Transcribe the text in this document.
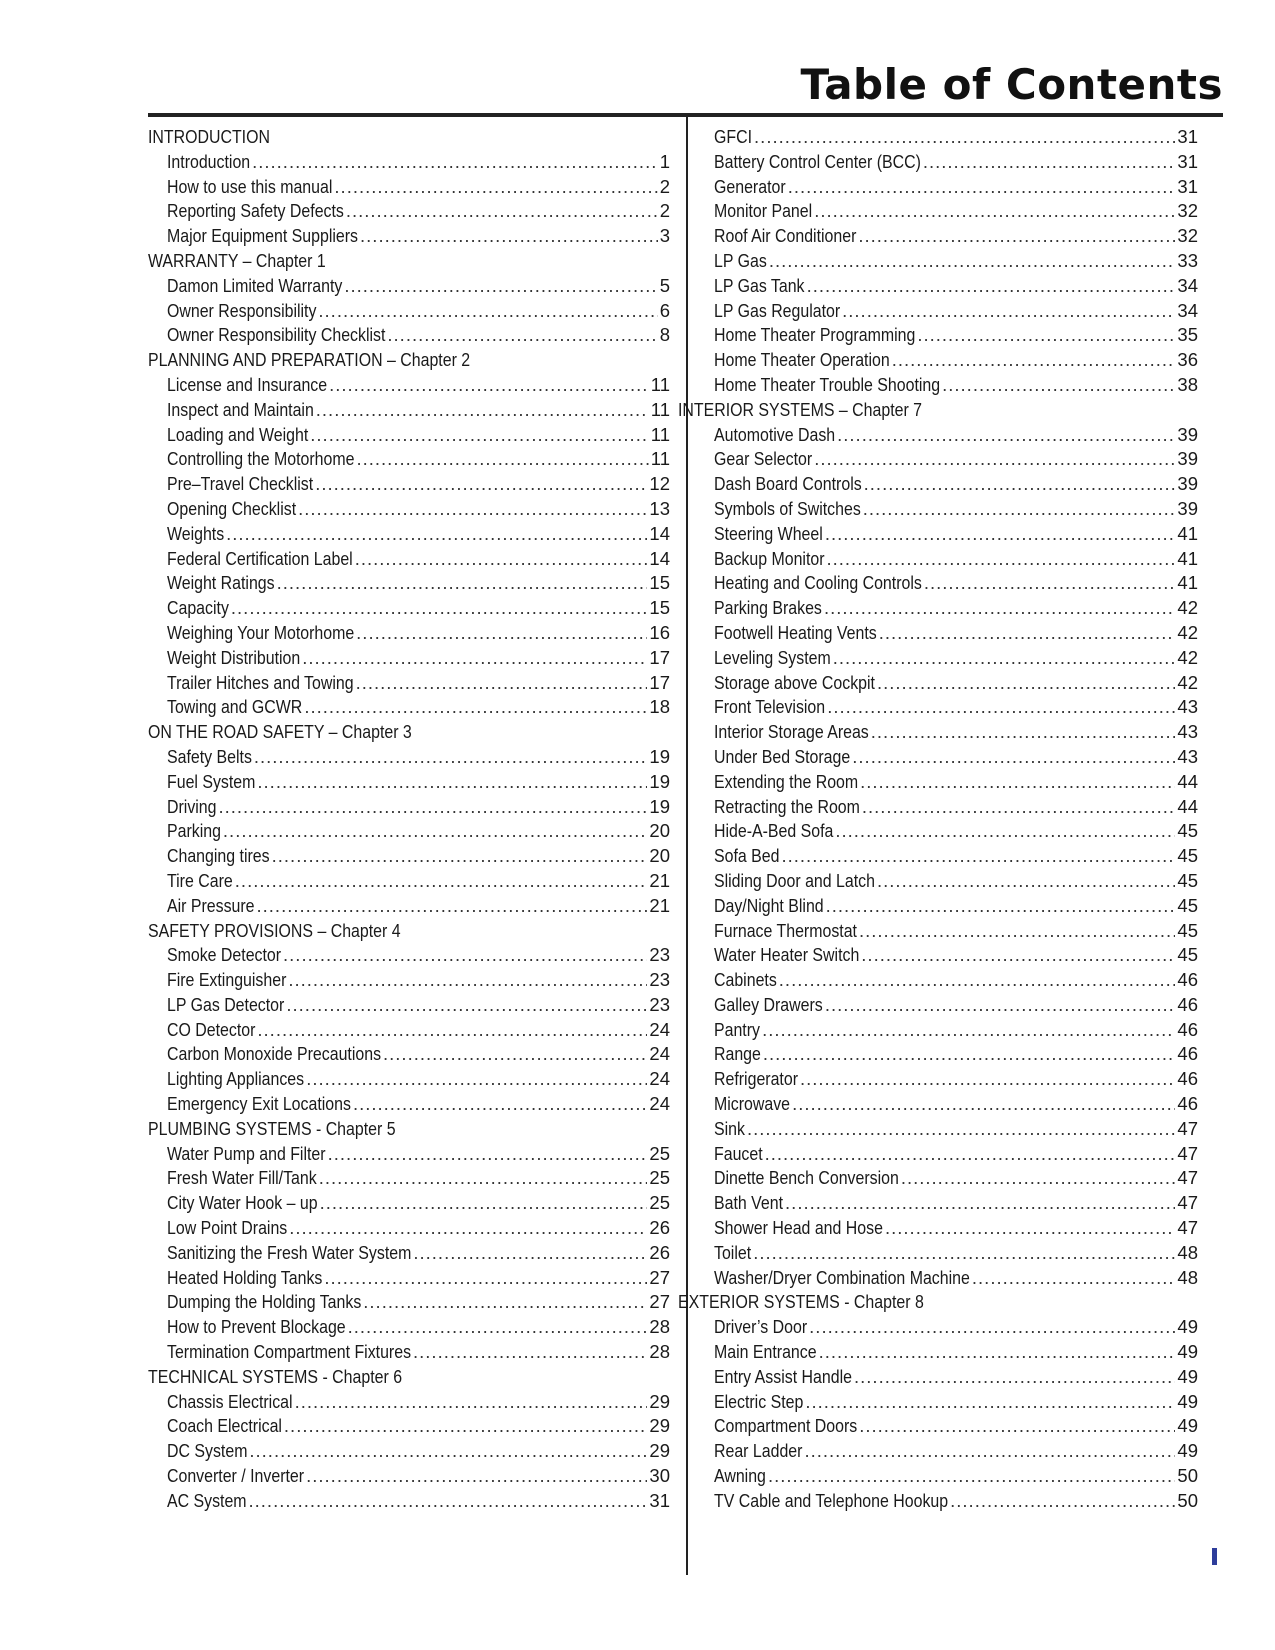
Table of Contents
INTRODUCTION
Introduction .....	1
How to use this manual .....	2
Reporting Safety Defects .....	2
Major Equipment Suppliers .....	3
WARRANTY – Chapter 1
Damon Limited Warranty .....	5
Owner Responsibility .....	6
Owner Responsibility Checklist .....	8
PLANNING AND PREPARATION – Chapter 2
License and Insurance .....	11
Inspect and Maintain .....	11
Loading and Weight .....	11
Controlling the Motorhome .....	11
Pre–Travel Checklist .....	12
Opening Checklist .....	13
Weights .....	14
Federal Certification Label .....	14
Weight Ratings .....	15
Capacity .....	15
Weighing Your Motorhome .....	16
Weight Distribution .....	17
Trailer Hitches and Towing .....	17
Towing and GCWR .....	18
ON THE ROAD SAFETY – Chapter 3
Safety Belts .....	19
Fuel System .....	19
Driving .....	19
Parking .....	20
Changing tires .....	20
Tire Care .....	21
Air Pressure .....	21
SAFETY PROVISIONS – Chapter 4
Smoke Detector .....	23
Fire Extinguisher .....	23
LP Gas Detector .....	23
CO Detector .....	24
Carbon Monoxide Precautions .....	24
Lighting Appliances .....	24
Emergency Exit Locations .....	24
PLUMBING SYSTEMS - Chapter 5
Water Pump and Filter .....	25
Fresh Water Fill/Tank .....	25
City Water Hook – up .....	25
Low Point Drains .....	26
Sanitizing the Fresh Water System .....	26
Heated Holding Tanks .....	27
Dumping the Holding Tanks .....	27
How to Prevent Blockage .....	28
Termination Compartment Fixtures .....	28
TECHNICAL SYSTEMS - Chapter 6
Chassis Electrical .....	29
Coach Electrical .....	29
DC System .....	29
Converter / Inverter .....	30
AC System .....	31
GFCI .....	31
Battery Control Center (BCC) .....	31
Generator .....	31
Monitor Panel .....	32
Roof Air Conditioner .....	32
LP Gas .....	33
LP Gas Tank .....	34
LP Gas Regulator .....	34
Home Theater Programming .....	35
Home Theater Operation .....	36
Home Theater Trouble Shooting .....	38
INTERIOR SYSTEMS – Chapter 7
Automotive Dash .....	39
Gear Selector .....	39
Dash Board Controls .....	39
Symbols of Switches .....	39
Steering Wheel .....	41
Backup Monitor .....	41
Heating and Cooling Controls .....	41
Parking Brakes .....	42
Footwell Heating Vents .....	42
Leveling System .....	42
Storage above Cockpit .....	42
Front Television .....	43
Interior Storage Areas .....	43
Under Bed Storage .....	43
Extending the Room .....	44
Retracting the Room .....	44
Hide-A-Bed Sofa .....	45
Sofa Bed .....	45
Sliding Door and Latch .....	45
Day/Night Blind .....	45
Furnace Thermostat .....	45
Water Heater Switch .....	45
Cabinets .....	46
Galley Drawers .....	46
Pantry .....	46
Range .....	46
Refrigerator .....	46
Microwave .....	46
Sink .....	47
Faucet .....	47
Dinette Bench Conversion .....	47
Bath Vent .....	47
Shower Head and Hose .....	47
Toilet .....	48
Washer/Dryer Combination Machine .....	48
EXTERIOR SYSTEMS - Chapter 8
Driver’s Door .....	49
Main Entrance .....	49
Entry Assist Handle .....	49
Electric Step .....	49
Compartment Doors .....	49
Rear Ladder .....	49
Awning .....	50
TV Cable and Telephone Hookup .....	50
